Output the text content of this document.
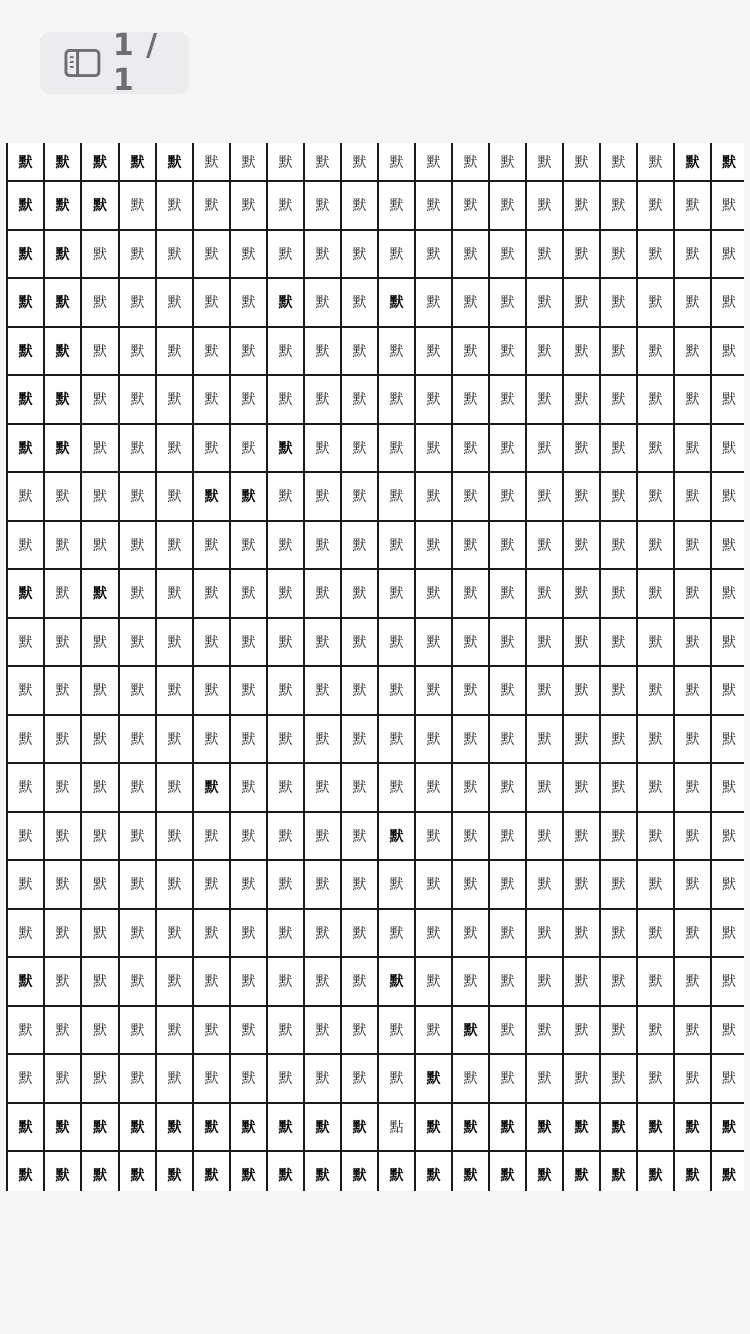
1 / 1
默	默	默	默	默	默	默	默	默	默	默	默	默	默	默	默	默	默	默	默
默	默	默	默	默	默	默	默	默	默	默	默	默	默	默	默	默	默	默	默
默	默	默	默	默	默	默	默	默	默	默	默	默	默	默	默	默	默	默	默
默	默	默	默	默	默	默	默	默	默	默	默	默	默	默	默	默	默	默	默
默	默	默	默	默	默	默	默	默	默	默	默	默	默	默	默	默	默	默	默
默	默	默	默	默	默	默	默	默	默	默	默	默	默	默	默	默	默	默	默
默	默	默	默	默	默	默	默	默	默	默	默	默	默	默	默	默	默	默	默
默	默	默	默	默	默	默	默	默	默	默	默	默	默	默	默	默	默	默	默
默	默	默	默	默	默	默	默	默	默	默	默	默	默	默	默	默	默	默	默
默	默	默	默	默	默	默	默	默	默	默	默	默	默	默	默	默	默	默	默
默	默	默	默	默	默	默	默	默	默	默	默	默	默	默	默	默	默	默	默
默	默	默	默	默	默	默	默	默	默	默	默	默	默	默	默	默	默	默	默
默	默	默	默	默	默	默	默	默	默	默	默	默	默	默	默	默	默	默	默
默	默	默	默	默	默	默	默	默	默	默	默	默	默	默	默	默	默	默	默
默	默	默	默	默	默	默	默	默	默	默	默	默	默	默	默	默	默	默	默
默	默	默	默	默	默	默	默	默	默	默	默	默	默	默	默	默	默	默	默
默	默	默	默	默	默	默	默	默	默	默	默	默	默	默	默	默	默	默	默
默	默	默	默	默	默	默	默	默	默	默	默	默	默	默	默	默	默	默	默
默	默	默	默	默	默	默	默	默	默	默	默	默	默	默	默	默	默	默	默
默	默	默	默	默	默	默	默	默	默	默	默	默	默	默	默	默	默	默	默
默	默	默	默	默	默	默	默	默	默	點	默	默	默	默	默	默	默	默	默
默	默	默	默	默	默	默	默	默	默	默	默	默	默	默	默	默	默	默	默
